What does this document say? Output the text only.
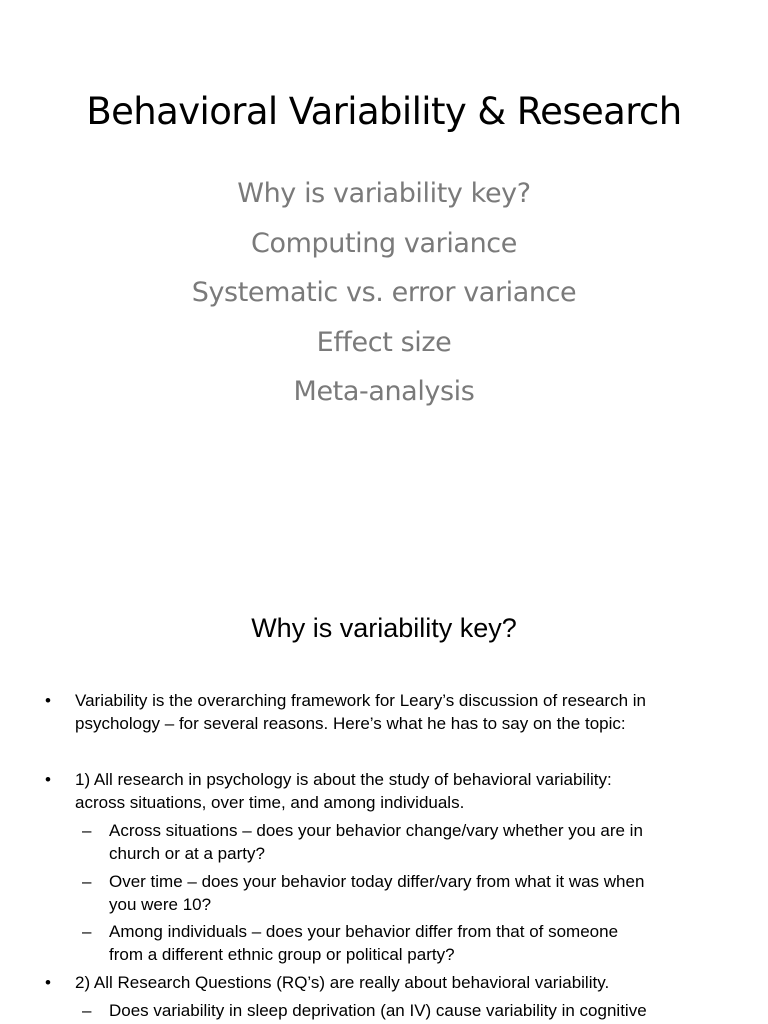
Behavioral Variability & Research
Why is variability key?
Computing variance
Systematic vs. error variance
Effect size
Meta-analysis
Why is variability key?
• Variability is the overarching framework for Leary’s discussion of research in
psychology – for several reasons. Here’s what he has to say on the topic:
• 1) All research in psychology is about the study of behavioral variability:
across situations, over time, and among individuals.
– Across situations – does your behavior change/vary whether you are in
church or at a party?
– Over time – does your behavior today differ/vary from what it was when
you were 10?
– Among individuals – does your behavior differ from that of someone
from a different ethnic group or political party?
• 2) All Research Questions (RQ’s) are really about behavioral variability.
– Does variability in sleep deprivation (an IV) cause variability in cognitive
